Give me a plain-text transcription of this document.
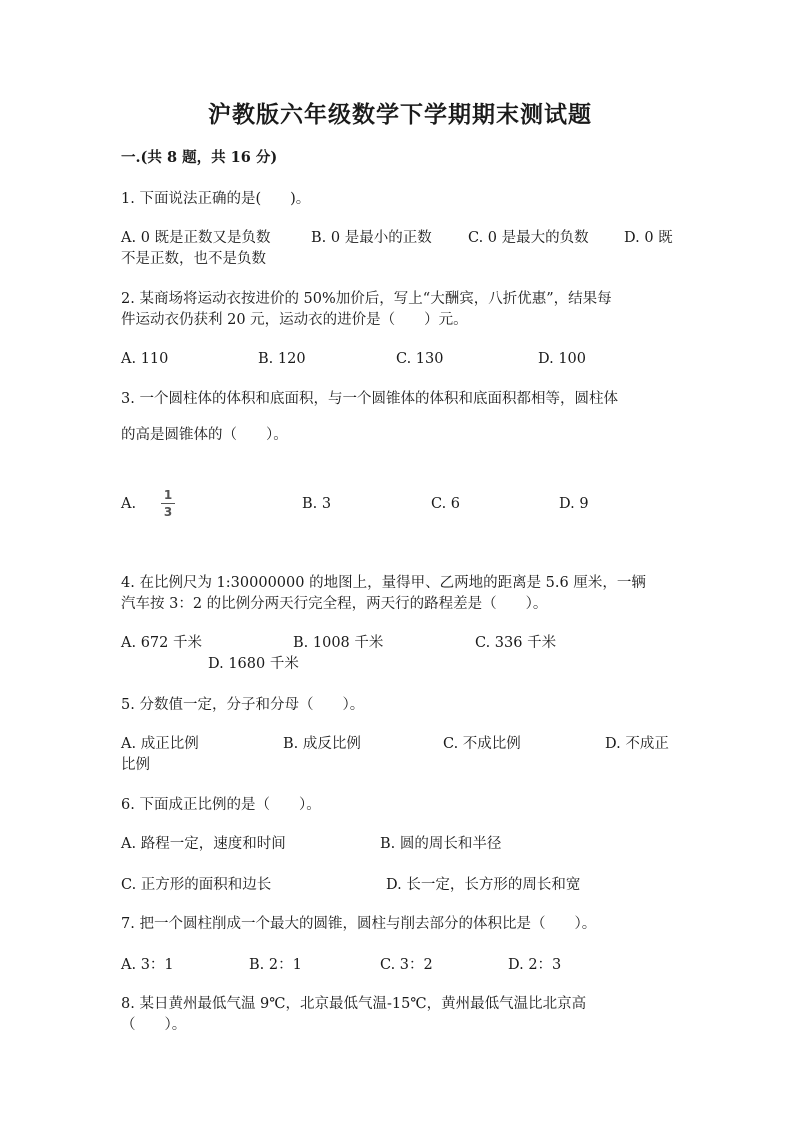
沪教版六年级数学下学期期末测试题
一.(共 8 题，共 16 分)
1. 下面说法正确的是(　　)。
A. 0 既是正数又是负数	B. 0 是最小的正数	C. 0 是最大的负数 D. 0 既
不是正数，也不是负数
2. 某商场将运动衣按进价的 50%加价后，写上“大酬宾，八折优惠”，结果每
件运动衣仍获利 20 元，运动衣的进价是（　　）元。
A. 110	B. 120	C. 130	D. 100
3. 一个圆柱体的体积和底面积，与一个圆锥体的体积和底面积都相等，圆柱体
的高是圆锥体的（　　）。
A.
1
3	B. 3	C. 6	D. 9
4. 在比例尺为 1:30000000 的地图上，量得甲、乙两地的距离是 5.6 厘米，一辆
汽车按 3：2 的比例分两天行完全程，两天行的路程差是（　　）。
A. 672 千米	B. 1008 千米	C. 336 千米
D. 1680 千米
5. 分数值一定，分子和分母（　　）。
A. 成正比例	B. 成反比例	C. 不成比例	D. 不成正
比例
6. 下面成正比例的是（　　）。
A. 路程一定，速度和时间	B. 圆的周长和半径
C. 正方形的面积和边长	D. 长一定，长方形的周长和宽
7. 把一个圆柱削成一个最大的圆锥，圆柱与削去部分的体积比是（　　）。
A. 3：1	B. 2：1	C. 3：2	D. 2：3
8. 某日黄州最低气温 9℃，北京最低气温-15℃，黄州最低气温比北京高
（　　）。
